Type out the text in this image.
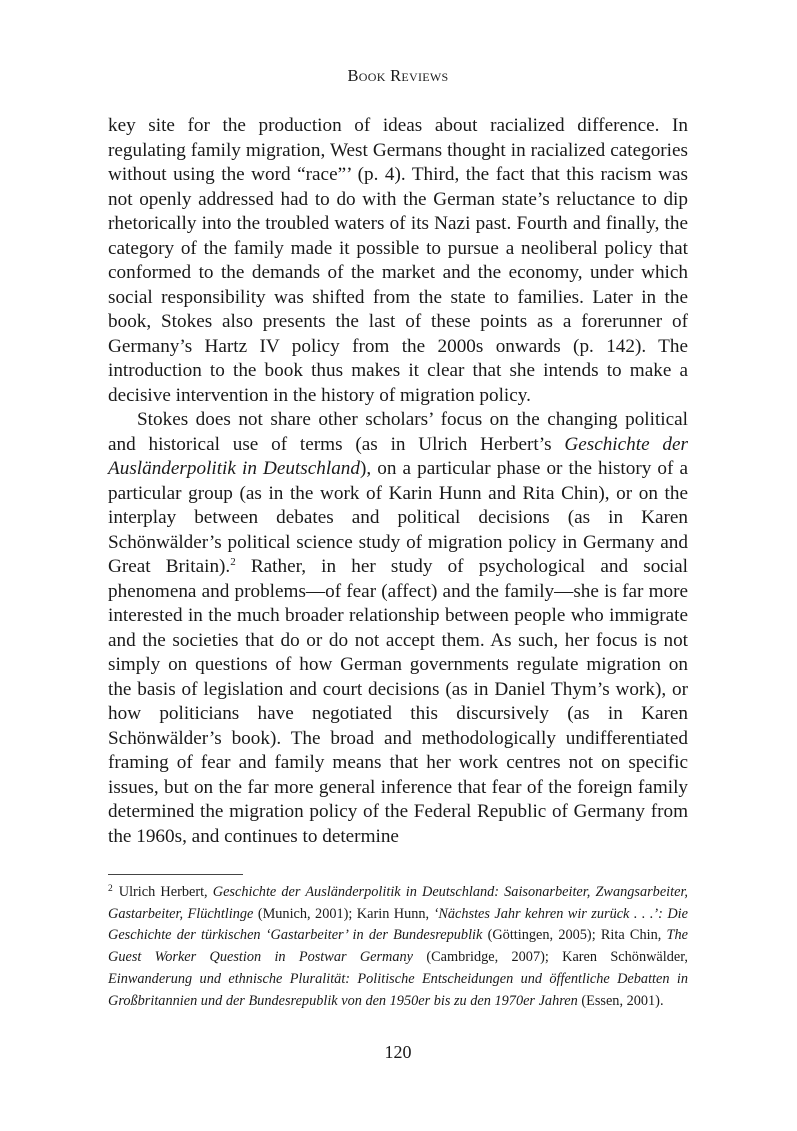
Book Reviews

key site for the production of ideas about racialized difference. In regulating family migration, West Germans thought in racialized categories without using the word “race”’ (p. 4). Third, the fact that this racism was not openly addressed had to do with the German state’s reluctance to dip rhetorically into the troubled waters of its Nazi past. Fourth and finally, the category of the family made it possible to pursue a neoliberal policy that conformed to the demands of the market and the economy, under which social responsibility was shifted from the state to families. Later in the book, Stokes also presents the last of these points as a forerunner of Germany’s Hartz IV policy from the 2000s onwards (p. 142). The introduction to the book thus makes it clear that she intends to make a decisive intervention in the history of migration policy.

Stokes does not share other scholars’ focus on the changing political and historical use of terms (as in Ulrich Herbert’s Geschichte der Ausländerpolitik in Deutschland), on a particular phase or the history of a particular group (as in the work of Karin Hunn and Rita Chin), or on the interplay between debates and political decisions (as in Karen Schönwälder’s political science study of migration policy in Germany and Great Britain).$^2$ Rather, in her study of psychological and social phenomena and problems—of fear (affect) and the family—she is far more interested in the much broader relationship between people who immigrate and the societies that do or do not accept them. As such, her focus is not simply on questions of how German governments regulate migration on the basis of legislation and court decisions (as in Daniel Thym’s work), or how politicians have negotiated this discursively (as in Karen Schönwälder’s book). The broad and methodologically undifferentiated framing of fear and family means that her work centres not on specific issues, but on the far more general inference that fear of the foreign family determined the migration policy of the Federal Republic of Germany from the 1960s, and continues to determine

$^2$ Ulrich Herbert, Geschichte der Ausländerpolitik in Deutschland: Saisonarbeiter, Zwangsarbeiter, Gastarbeiter, Flüchtlinge (Munich, 2001); Karin Hunn, ‘Nächstes Jahr kehren wir zurück . . .’: Die Geschichte der türkischen ‘Gastarbeiter’ in der Bundesrepublik (Göttingen, 2005); Rita Chin, The Guest Worker Question in Postwar Germany (Cambridge, 2007); Karen Schönwälder, Einwanderung und ethnische Pluralität: Politische Entscheidungen und öffentliche Debatten in Großbritannien und der Bundesrepublik von den 1950er bis zu den 1970er Jahren (Essen, 2001).
120
